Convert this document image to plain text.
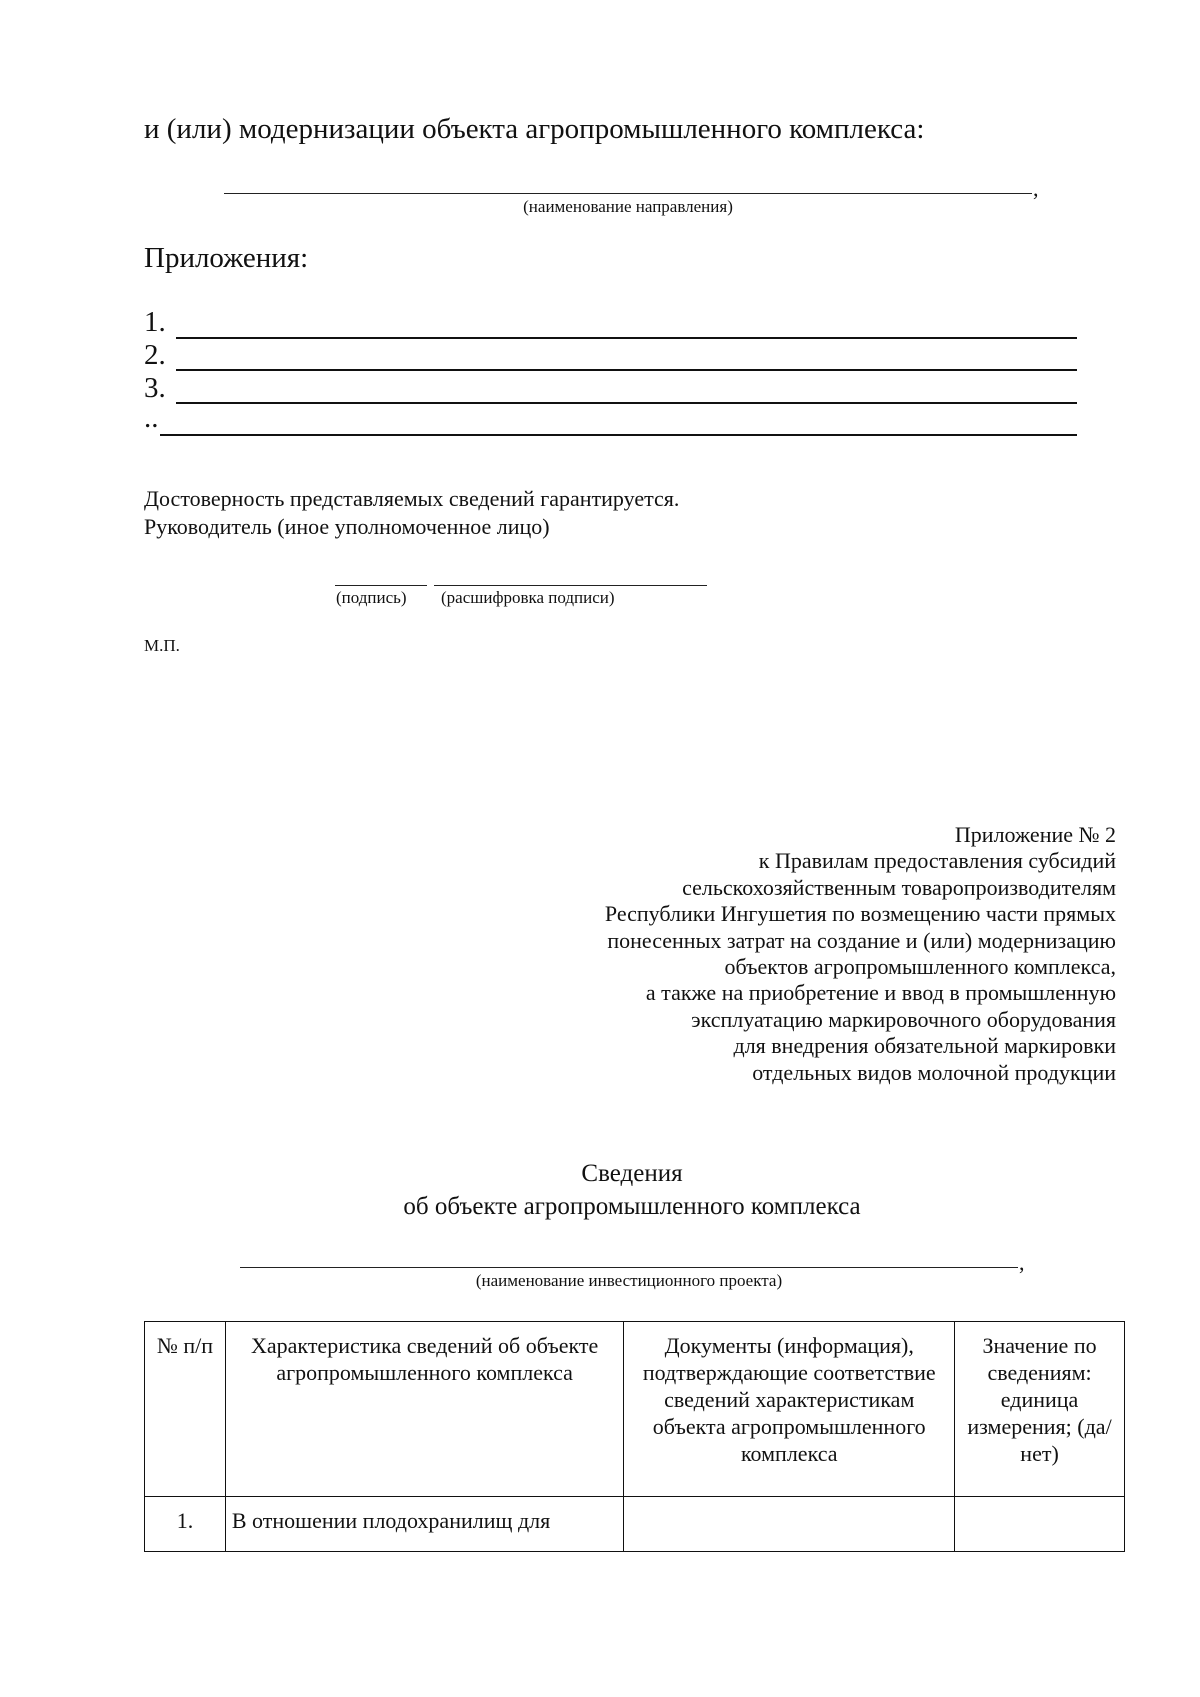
и (или) модернизации объекта агропромышленного комплекса:
,
(наименование направления)
Приложения:
1.
2.
3.
..
Достоверность представляемых сведений гарантируется.
Руководитель (иное уполномоченное лицо)
(подпись) (расшифровка подписи)
М.П.
Приложение № 2
к Правилам предоставления субсидий
сельскохозяйственным товаропроизводителям
Республики Ингушетия по возмещению части прямых
понесенных затрат на создание и (или) модернизацию
объектов агропромышленного комплекса,
а также на приобретение и ввод в промышленную
эксплуатацию маркировочного оборудования
для внедрения обязательной маркировки
отдельных видов молочной продукции
Сведения
об объекте агропромышленного комплекса
,
(наименование инвестиционного проекта)
№ п/п	Характеристика сведений об объекте агропромышленного комплекса	Документы (информация), подтверждающие соответствие сведений характеристикам объекта агропромышленного комплекса	Значение по сведениям: единица измерения; (да/нет)
1.	В отношении плодохранилищ для		
